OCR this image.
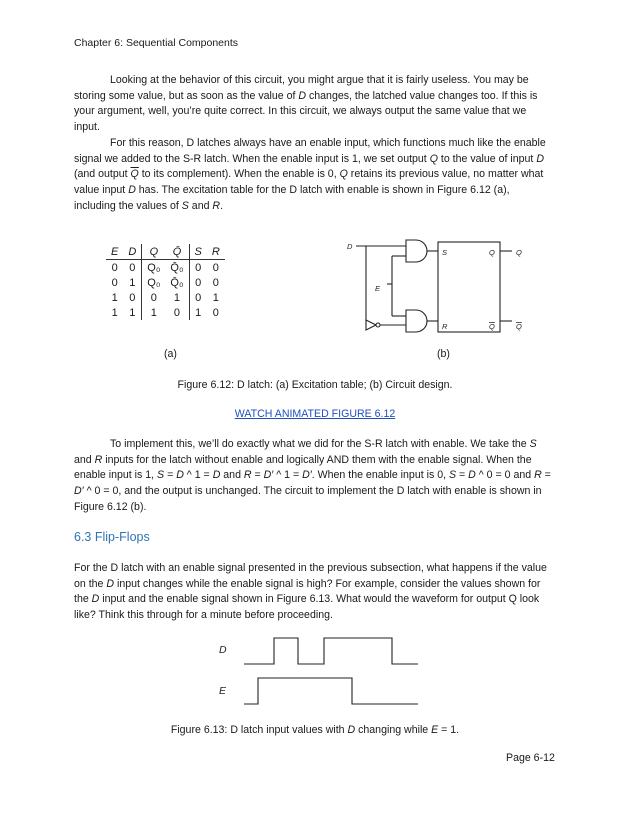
Chapter 6: Sequential Components

Looking at the behavior of this circuit, you might argue that it is fairly useless. You may be storing some value, but as soon as the value of D changes, the latched value changes too. If this is your argument, well, you’re quite correct. In this circuit, we always output the same value that we input.

For this reason, D latches always have an enable input, which functions much like the enable signal we added to the S-R latch. When the enable input is 1, we set output Q to the value of input D (and output $\overline{Q}$ to its complement). When the enable is 0, Q retains its previous value, no matter what value input D has. The excitation table for the D latch with enable is shown in Figure 6.12 (a), including the values of S and R.

E	D	Q	Q̄	S	R
0	0	Q₀	Q̄₀	0	0
0	1	Q₀	Q̄₀	0	0
1	0	0	1	0	1
1	1	1	0	1	0
D
E
S
R
Q
Q
Q
Q
(a)	(b)
Figure 6.12: D latch: (a) Excitation table; (b) Circuit design.
WATCH ANIMATED FIGURE 6.12

To implement this, we’ll do exactly what we did for the S-R latch with enable. We take the S and R inputs for the latch without enable and logically AND them with the enable signal. When the enable input is 1, S = D ^ 1 = D and R = D′ ^ 1 = D′. When the enable input is 0, S = D ^ 0 = 0 and R = D′ ^ 0 = 0, and the output is unchanged. The circuit to implement the D latch with enable is shown in Figure 6.12 (b).

6.3 Flip-Flops

For the D latch with an enable signal presented in the previous subsection, what happens if the value on the D input changes while the enable signal is high? For example, consider the values shown for the D input and the enable signal shown in Figure 6.13. What would the waveform for output Q look like? Think this through for a minute before proceeding.

D
E
Figure 6.13: D latch input values with D changing while E = 1.
Page 6-12
